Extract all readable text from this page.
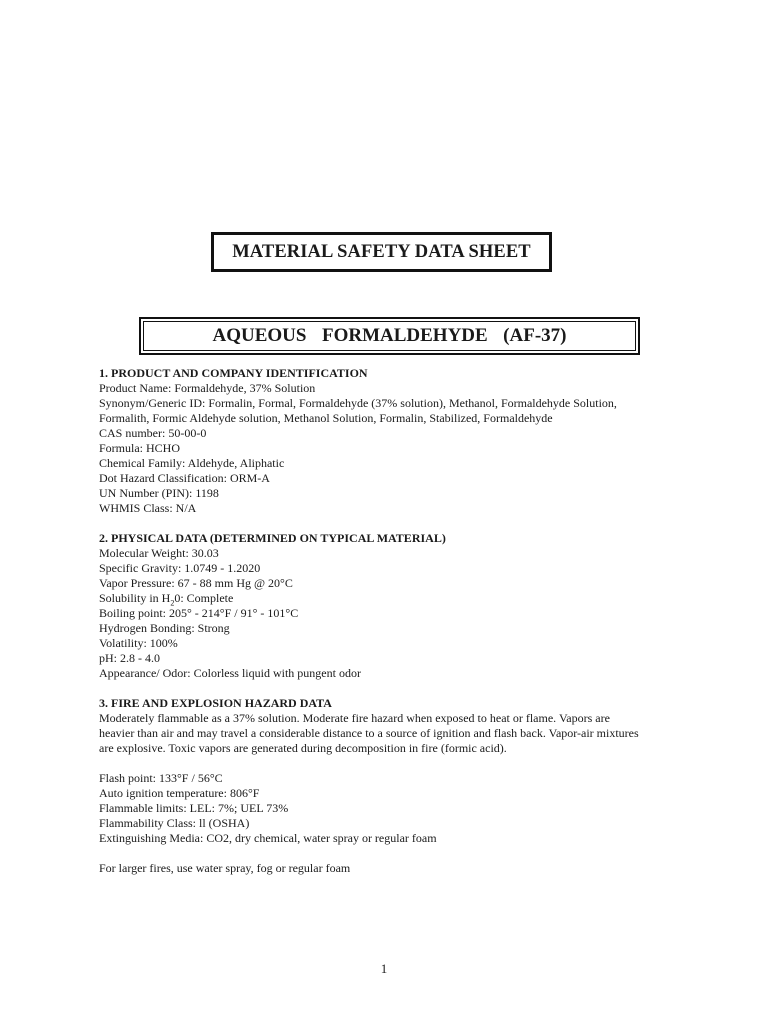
MATERIAL SAFETY DATA SHEET
AQUEOUS  FORMALDEHYDE  (AF-37)
1. PRODUCT AND COMPANY IDENTIFICATION
Product Name: Formaldehyde, 37% Solution
Synonym/Generic ID: Formalin, Formal, Formaldehyde (37% solution), Methanol, Formaldehyde Solution,
Formalith, Formic Aldehyde solution, Methanol Solution, Formalin, Stabilized, Formaldehyde
CAS number: 50-00-0
Formula: HCHO
Chemical Family: Aldehyde, Aliphatic
Dot Hazard Classification: ORM-A
UN Number (PIN): 1198
WHMIS Class: N/A
2. PHYSICAL DATA (DETERMINED ON TYPICAL MATERIAL)
Molecular Weight: 30.03
Specific Gravity: 1.0749 - 1.2020
Vapor Pressure: 67 - 88 mm Hg @ 20°C
Solubility in $H_20$: Complete
Boiling point: 205° - 214°F / 91° - 101°C
Hydrogen Bonding: Strong
Volatility: 100%
pH: 2.8 - 4.0
Appearance/ Odor: Colorless liquid with pungent odor
3. FIRE AND EXPLOSION HAZARD DATA
Moderately flammable as a 37% solution. Moderate fire hazard when exposed to heat or flame. Vapors are
heavier than air and may travel a considerable distance to a source of ignition and flash back. Vapor-air mixtures
are explosive. Toxic vapors are generated during decomposition in fire (formic acid).
Flash point: 133°F / 56°C
Auto ignition temperature: 806°F
Flammable limits: LEL: 7%; UEL 73%
Flammability Class: ll (OSHA)
Extinguishing Media: CO2, dry chemical, water spray or regular foam
For larger fires, use water spray, fog or regular foam
1
